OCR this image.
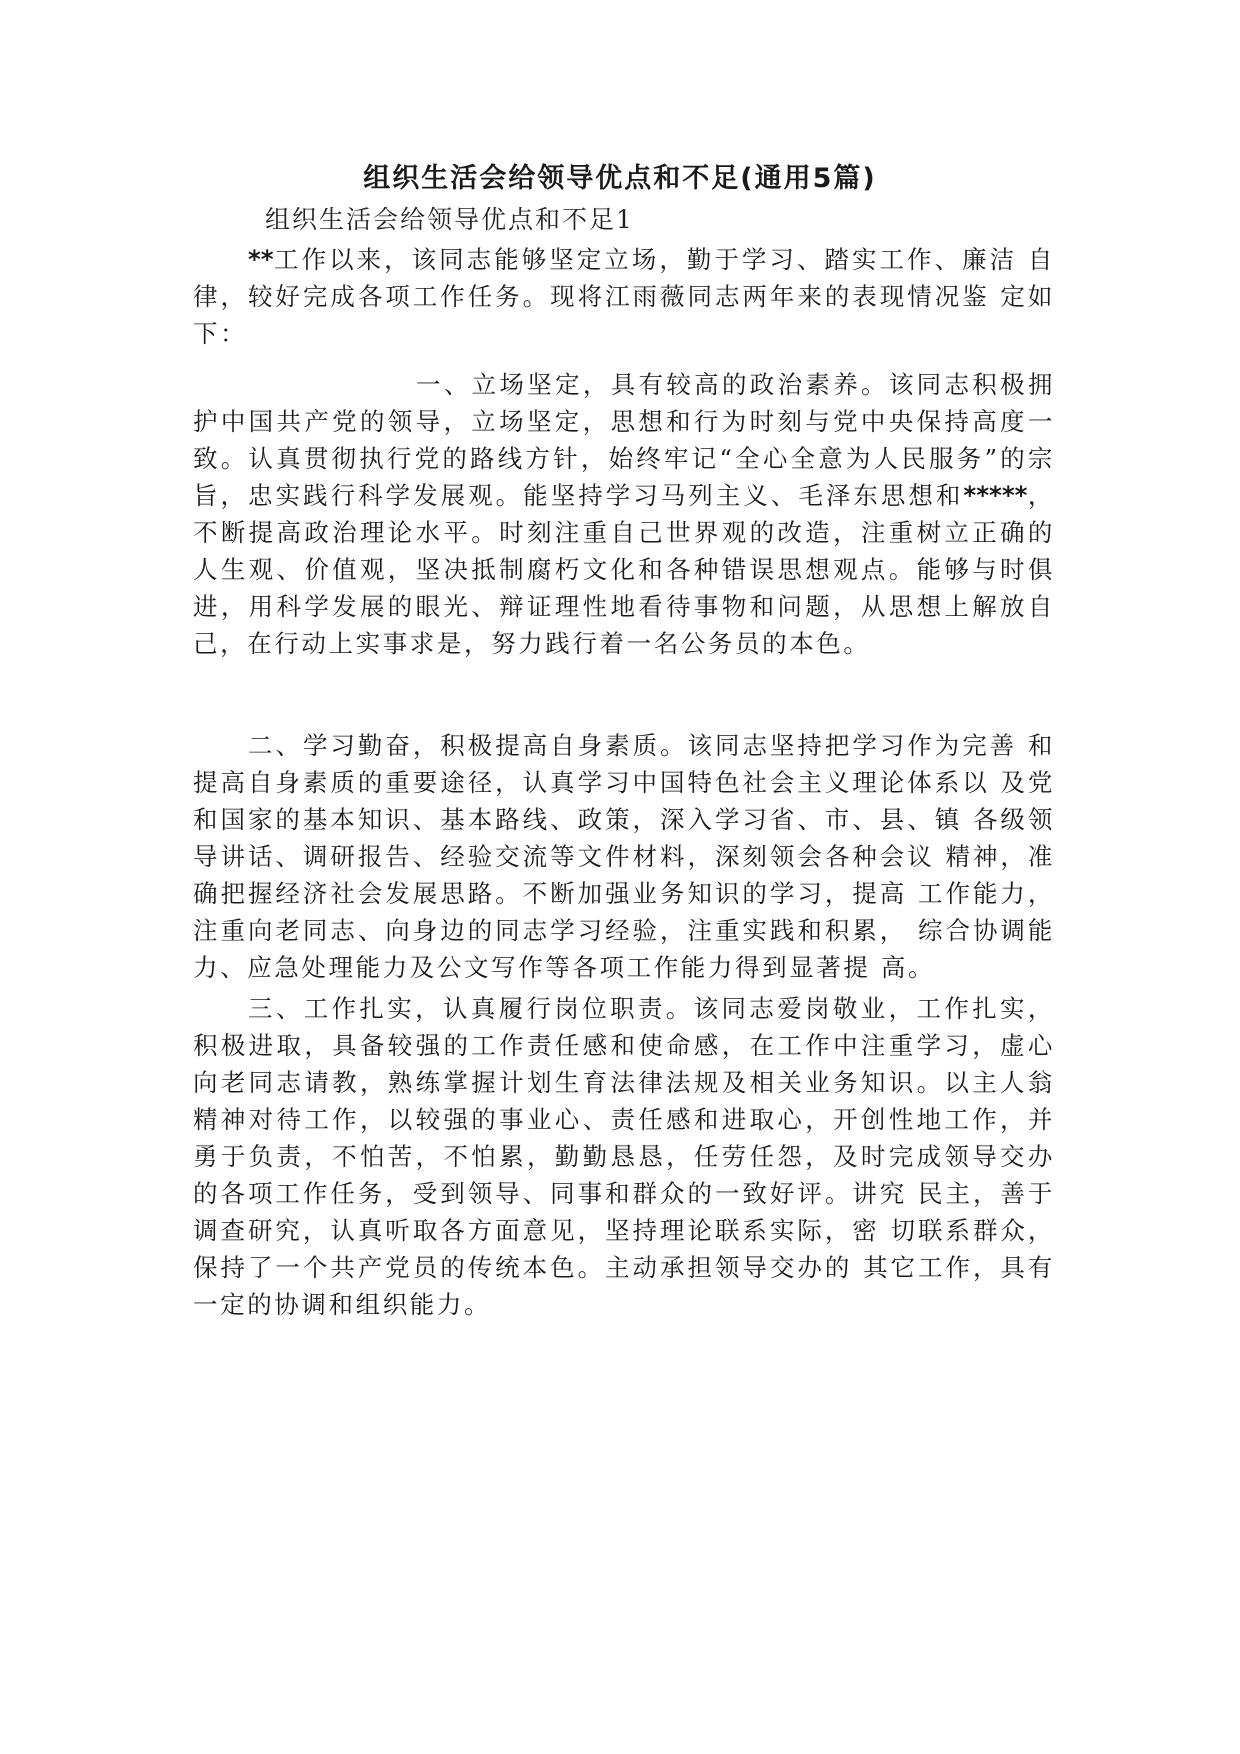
组织生活会给领导优点和不足(通用5篇)

组织生活会给领导优点和不足1

**工作以来，该同志能够坚定立场，勤于学习、踏实工作、廉洁 自律，较好完成各项工作任务。现将江雨薇同志两年来的表现情况鉴 定如下：

一、立场坚定，具有较高的政治素养。该同志积极拥护中国共产党的领导，立场坚定，思想和行为时刻与党中央保持高度一致。认真贯彻执行党的路线方针，始终牢记“全心全意为人民服务”的宗旨，忠实践行科学发展观。能坚持学习马列主义、毛泽东思想和*****，不断提高政治理论水平。时刻注重自己世界观的改造，注重树立正确的人生观、价值观，坚决抵制腐朽文化和各种错误思想观点。能够与时俱进，用科学发展的眼光、辩证理性地看待事物和问题，从思想上解放自己，在行动上实事求是，努力践行着一名公务员的本色。

二、学习勤奋，积极提高自身素质。该同志坚持把学习作为完善 和提高自身素质的重要途径，认真学习中国特色社会主义理论体系以 及党和国家的基本知识、基本路线、政策，深入学习省、市、县、镇 各级领导讲话、调研报告、经验交流等文件材料，深刻领会各种会议 精神，准确把握经济社会发展思路。不断加强业务知识的学习，提高 工作能力，注重向老同志、向身边的同志学习经验，注重实践和积累， 综合协调能力、应急处理能力及公文写作等各项工作能力得到显著提 高。

三、工作扎实，认真履行岗位职责。该同志爱岗敬业，工作扎实，积极进取，具备较强的工作责任感和使命感，在工作中注重学习，虚心向老同志请教，熟练掌握计划生育法律法规及相关业务知识。以主人翁精神对待工作，以较强的事业心、责任感和进取心，开创性地工作，并勇于负责，不怕苦，不怕累，勤勤恳恳，任劳任怨，及时完成领导交办的各项工作任务，受到领导、同事和群众的一致好评。讲究 民主，善于调查研究，认真听取各方面意见，坚持理论联系实际，密 切联系群众，保持了一个共产党员的传统本色。主动承担领导交办的 其它工作，具有一定的协调和组织能力。
